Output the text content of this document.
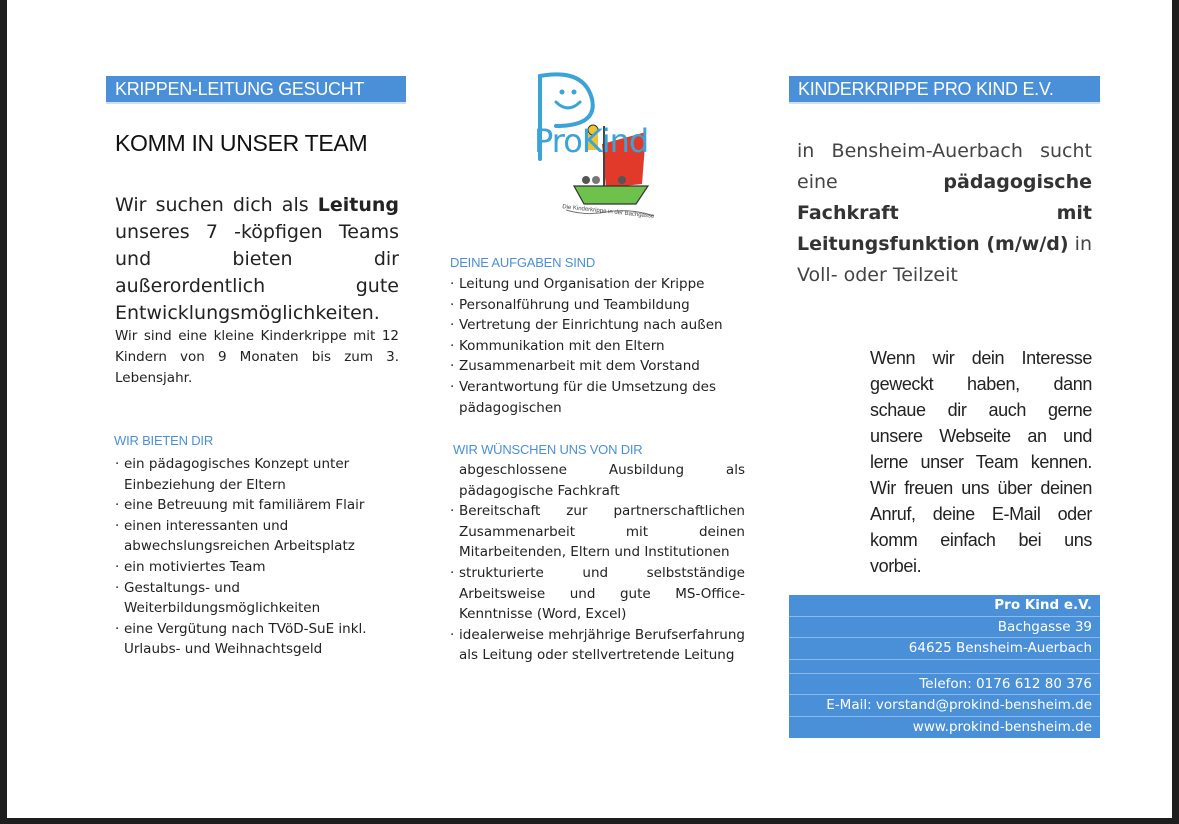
KRIPPEN-LEITUNG GESUCHT
KOMM IN UNSER TEAM
Wir suchen dich als Leitung unseres 7 -köpfigen Teams und bieten dir außerordentlich gute Entwicklungsmöglichkeiten.
Wir sind eine kleine Kinderkrippe mit 12 Kindern von 9 Monaten bis zum 3. Lebensjahr.
WIR BIETEN DIR
· ein pädagogisches Konzept unter Einbeziehung der Eltern
· eine Betreuung mit familiärem Flair
· einen interessanten und abwechslungsreichen Arbeitsplatz
· ein motiviertes Team
· Gestaltungs- und Weiterbildungsmöglichkeiten
· eine Vergütung nach TVöD-SuE inkl. Urlaubs- und Weihnachtsgeld
ProKind
Die Kinderkrippe in der Bachgasse
DEINE AUFGABEN SIND
· Leitung und Organisation der Krippe
· Personalführung und Teambildung
· Vertretung der Einrichtung nach außen
· Kommunikation mit den Eltern
· Zusammenarbeit mit dem Vorstand
· Verantwortung für die Umsetzung des pädagogischen
WIR WÜNSCHEN UNS VON DIR
abgeschlossene Ausbildung als pädagogische Fachkraft
· Bereitschaft zur partnerschaftlichen Zusammenarbeit mit deinen Mitarbeitenden, Eltern und Institutionen
· strukturierte und selbstständige Arbeitsweise und gute MS-Office-Kenntnisse (Word, Excel)
· idealerweise mehrjährige Berufserfahrung als Leitung oder stellvertretende Leitung
KINDERKRIPPE PRO KIND E.V.
in Bensheim-Auerbach sucht eine pädagogische Fachkraft mit Leitungsfunktion (m/w/d) in Voll- oder Teilzeit
Wenn wir dein Interesse geweckt haben, dann schaue dir auch gerne unsere Webseite an und lerne unser Team kennen. Wir freuen uns über deinen Anruf, deine E-Mail oder komm einfach bei uns vorbei.
Pro Kind e.V.
Bachgasse 39
64625 Bensheim-Auerbach
Telefon: 0176 612 80 376
E-Mail: vorstand@prokind-bensheim.de
www.prokind-bensheim.de
